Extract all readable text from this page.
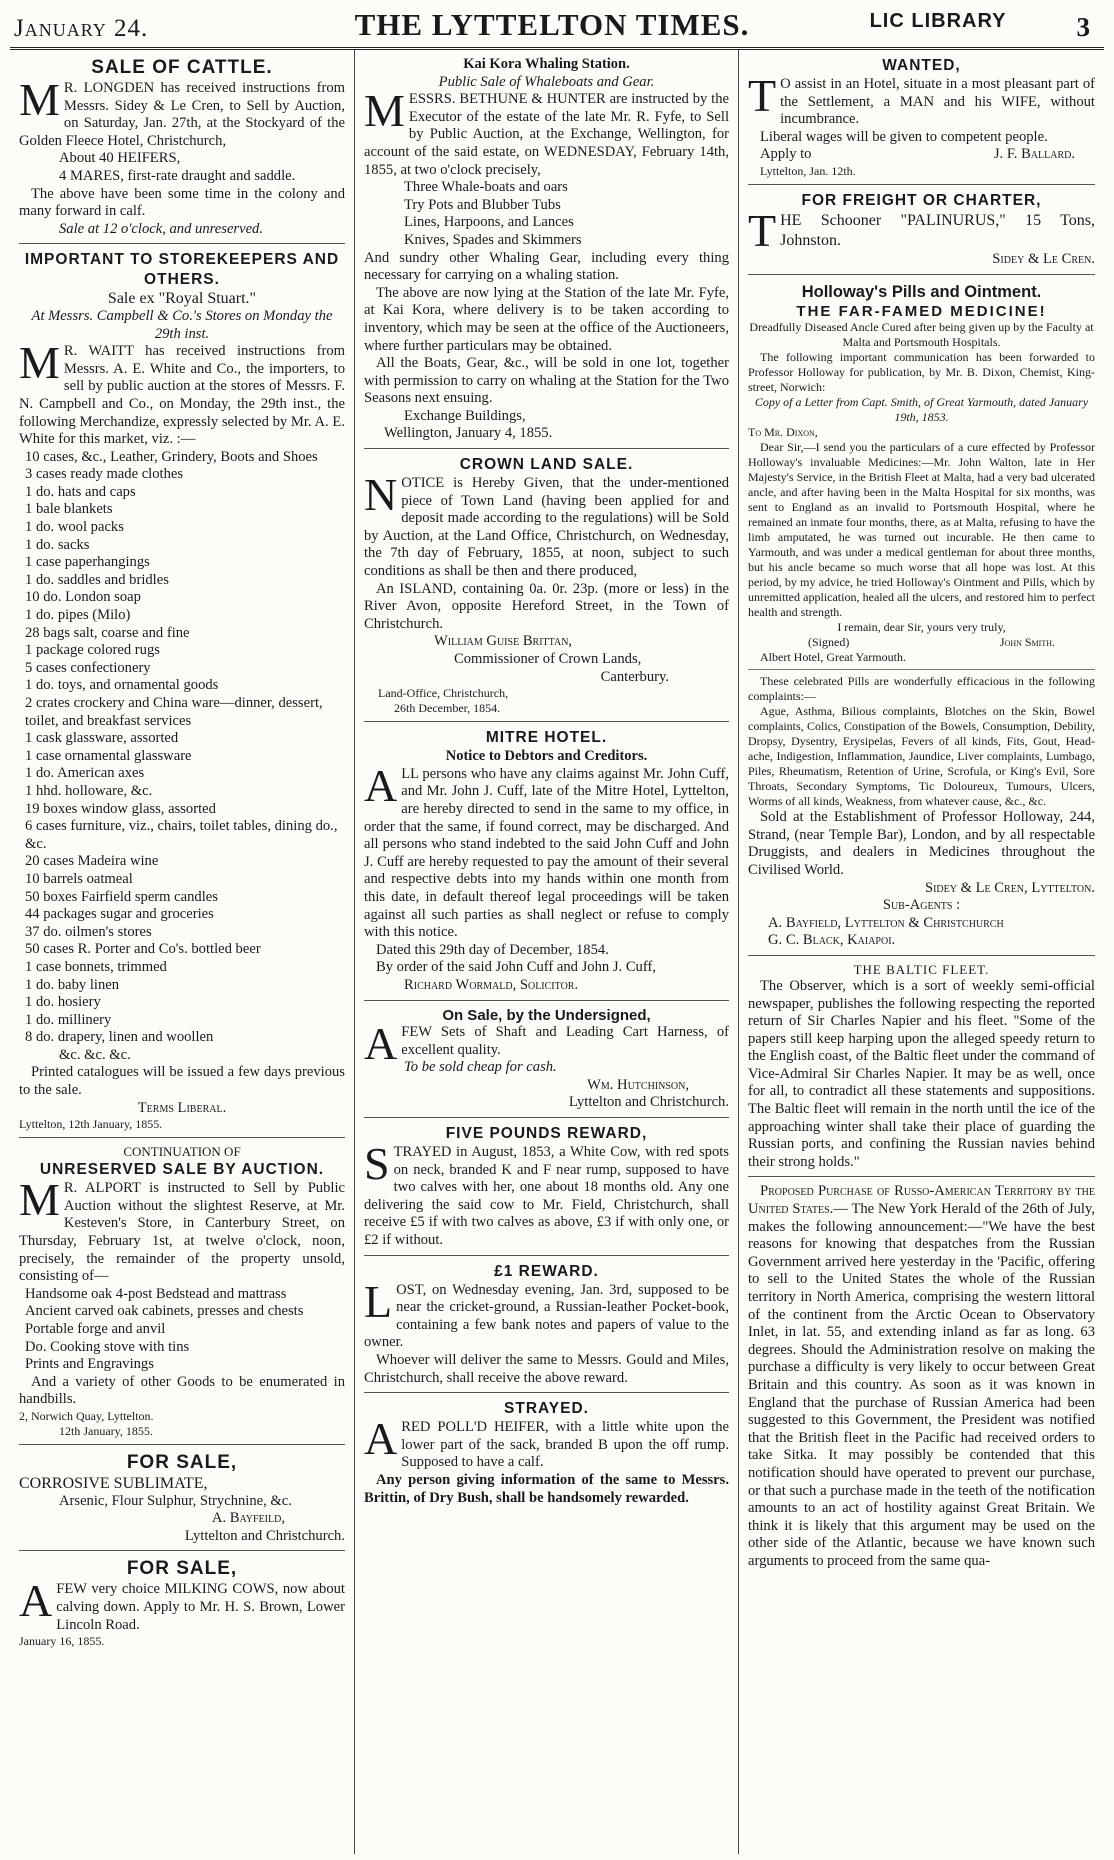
January 24.	THE LYTTELTON TIMES.	LIC LIBRARY	3
SALE OF CATTLE.

M R. LONGDEN has received instructions from Messrs. Sidey & Le Cren, to Sell by Auction, on Saturday, Jan. 27th, at the Stockyard of the Golden Fleece Hotel, Christchurch,

About 40 HEIFERS,
4 MARES, first-rate draught and saddle.

The above have been some time in the colony and many forward in calf.

Sale at 12 o'clock, and unreserved.
IMPORTANT TO STOREKEEPERS AND OTHERS.
Sale ex "Royal Stuart."
At Messrs. Campbell & Co.'s Stores on Monday the 29th inst.

M R. WAITT has received instructions from Messrs. A. E. White and Co., the importers, to sell by public auction at the stores of Messrs. F. N. Campbell and Co., on Monday, the 29th inst., the following Merchandize, expressly selected by Mr. A. E. White for this market, viz. :—

10 cases, &c., Leather, Grindery, Boots and Shoes
3 cases ready made clothes
1 do. hats and caps
1 bale blankets
1 do. wool packs
1 do. sacks
1 case paperhangings
1 do. saddles and bridles
10 do. London soap
1 do. pipes (Milo)
28 bags salt, coarse and fine
1 package colored rugs
5 cases confectionery
1 do. toys, and ornamental goods
2 crates crockery and China ware—dinner, dessert, toilet, and breakfast services
1 cask glassware, assorted
1 case ornamental glassware
1 do. American axes
1 hhd. holloware, &c.
19 boxes window glass, assorted
6 cases furniture, viz., chairs, toilet tables, dining do., &c.
20 cases Madeira wine
10 barrels oatmeal
50 boxes Fairfield sperm candles
44 packages sugar and groceries
37 do. oilmen's stores
50 cases R. Porter and Co's. bottled beer
1 case bonnets, trimmed
1 do. baby linen
1 do. hosiery
1 do. millinery
8 do. drapery, linen and woollen
&c. &c. &c.

Printed catalogues will be issued a few days previous to the sale.

Terms Liberal.
Lyttelton, 12th January, 1855.
CONTINUATION OF
UNRESERVED SALE BY AUCTION.

M R. ALPORT is instructed to Sell by Public Auction without the slightest Reserve, at Mr. Kesteven's Store, in Canterbury Street, on Thursday, February 1st, at twelve o'clock, noon, precisely, the remainder of the property unsold, consisting of—

Handsome oak 4-post Bedstead and mattrass
Ancient carved oak cabinets, presses and chests
Portable forge and anvil
Do. Cooking stove with tins
Prints and Engravings

And a variety of other Goods to be enumerated in handbills.

2, Norwich Quay, Lyttelton.
12th January, 1855.
FOR SALE,
CORROSIVE SUBLIMATE,
Arsenic, Flour Sulphur, Strychnine, &c.
A. Bayfeild,
Lyttelton and Christchurch.
FOR SALE,

AFEW very choice MILKING COWS, now about calving down. Apply to Mr. H. S. Brown, Lower Lincoln Road.

January 16, 1855.
Kai Kora Whaling Station.
Public Sale of Whaleboats and Gear.

MESSRS. BETHUNE & HUNTER are instructed by the Executor of the estate of the late Mr. R. Fyfe, to Sell by Public Auction, at the Exchange, Wellington, for account of the said estate, on WEDNESDAY, February 14th, 1855, at two o'clock precisely,

Three Whale-boats and oars
Try Pots and Blubber Tubs
Lines, Harpoons, and Lances
Knives, Spades and Skimmers

And sundry other Whaling Gear, including every thing necessary for carrying on a whaling station.

The above are now lying at the Station of the late Mr. Fyfe, at Kai Kora, where delivery is to be taken according to inventory, which may be seen at the office of the Auctioneers, where further particulars may be obtained.

All the Boats, Gear, &c., will be sold in one lot, together with permission to carry on whaling at the Station for the Two Seasons next ensuing.

Exchange Buildings,
Wellington, January 4, 1855.
CROWN LAND SALE.

NOTICE is Hereby Given, that the under-mentioned piece of Town Land (having been applied for and deposit made according to the regulations) will be Sold by Auction, at the Land Office, Christchurch, on Wednesday, the 7th day of February, 1855, at noon, subject to such conditions as shall be then and there produced,

An ISLAND, containing 0a. 0r. 23p. (more or less) in the River Avon, opposite Hereford Street, in the Town of Christchurch.

William Guise Brittan,
Commissioner of Crown Lands,
Canterbury.
Land-Office, Christchurch,
26th December, 1854.
MITRE HOTEL.
Notice to Debtors and Creditors.

ALL persons who have any claims against Mr. John Cuff, and Mr. John J. Cuff, late of the Mitre Hotel, Lyttelton, are hereby directed to send in the same to my office, in order that the same, if found correct, may be discharged. And all persons who stand indebted to the said John Cuff and John J. Cuff are hereby requested to pay the amount of their several and respective debts into my hands within one month from this date, in default thereof legal proceedings will be taken against all such parties as shall neglect or refuse to comply with this notice.

Dated this 29th day of December, 1854.

By order of the said John Cuff and John J. Cuff,

Richard Wormald, Solicitor.
On Sale, by the Undersigned,

AFEW Sets of Shaft and Leading Cart Harness, of excellent quality.

To be sold cheap for cash.
Wm. Hutchinson,
Lyttelton and Christchurch.
FIVE POUNDS REWARD,

STRAYED in August, 1853, a White Cow, with red spots on neck, branded K and F near rump, supposed to have two calves with her, one about 18 months old. Any one delivering the said cow to Mr. Field, Christchurch, shall receive £5 if with two calves as above, £3 if with only one, or £2 if without.

£1 REWARD.

LOST, on Wednesday evening, Jan. 3rd, supposed to be near the cricket-ground, a Russian-leather Pocket-book, containing a few bank notes and papers of value to the owner.

Whoever will deliver the same to Messrs. Gould and Miles, Christchurch, shall receive the above reward.

STRAYED.

ARED POLL'D HEIFER, with a little white upon the lower part of the sack, branded B upon the off rump. Supposed to have a calf.

Any person giving information of the same to Messrs. Brittin, of Dry Bush, shall be handsomely rewarded.

WANTED,

T O assist in an Hotel, situate in a most pleasant part of the Settlement, a MAN and his WIFE, without incumbrance.

Liberal wages will be given to competent people.

Apply to	J. F. Ballard.
Lyttelton, Jan. 12th.
FOR FREIGHT OR CHARTER,

THE Schooner "PALINURUS," 15 Tons, Johnston.

Sidey & Le Cren.
Holloway's Pills and Ointment.
THE FAR-FAMED MEDICINE!
Dreadfully Diseased Ancle Cured after being given up by the Faculty at Malta and Portsmouth Hospitals.

The following important communication has been forwarded to Professor Holloway for publication, by Mr. B. Dixon, Chemist, King-street, Norwich:

Copy of a Letter from Capt. Smith, of Great Yarmouth, dated January 19th, 1853.
To Mr. Dixon,

Dear Sir,—I send you the particulars of a cure effected by Professor Holloway's invaluable Medicines:—Mr. John Walton, late in Her Majesty's Service, in the British Fleet at Malta, had a very bad ulcerated ancle, and after having been in the Malta Hospital for six months, was sent to England as an invalid to Portsmouth Hospital, where he remained an inmate four months, there, as at Malta, refusing to have the limb amputated, he was turned out incurable. He then came to Yarmouth, and was under a medical gentleman for about three months, but his ancle became so much worse that all hope was lost. At this period, by my advice, he tried Holloway's Ointment and Pills, which by unremitted application, healed all the ulcers, and restored him to perfect health and strength.

I remain, dear Sir, yours very truly,
(Signed)	John Smith.
Albert Hotel, Great Yarmouth.

These celebrated Pills are wonderfully efficacious in the following complaints:—

Ague, Asthma, Bilious complaints, Blotches on the Skin, Bowel complaints, Colics, Constipation of the Bowels, Consumption, Debility, Dropsy, Dysentry, Erysipelas, Fevers of all kinds, Fits, Gout, Head-ache, Indigestion, Inflammation, Jaundice, Liver complaints, Lumbago, Piles, Rheumatism, Retention of Urine, Scrofula, or King's Evil, Sore Throats, Secondary Symptoms, Tic Doloureux, Tumours, Ulcers, Worms of all kinds, Weakness, from whatever cause, &c., &c.

Sold at the Establishment of Professor Holloway, 244, Strand, (near Temple Bar), London, and by all respectable Druggists, and dealers in Medicines throughout the Civilised World.

Sidey & Le Cren, Lyttelton.
Sub-Agents :
A. Bayfield, Lyttelton & Christchurch
G. C. Black, Kaiapoi.
THE BALTIC FLEET.

The Observer, which is a sort of weekly semi-official newspaper, publishes the following respecting the reported return of Sir Charles Napier and his fleet. "Some of the papers still keep harping upon the alleged speedy return to the English coast, of the Baltic fleet under the command of Vice-Admiral Sir Charles Napier. It may be as well, once for all, to contradict all these statements and suppositions. The Baltic fleet will remain in the north until the ice of the approaching winter shall take their place of guarding the Russian ports, and confining the Russian navies behind their strong holds."

Proposed Purchase of Russo-American Territory by the United States.— The New York Herald of the 26th of July, makes the following announcement:—"We have the best reasons for knowing that despatches from the Russian Government arrived here yesterday in the 'Pacific, offering to sell to the United States the whole of the Russian territory in North America, comprising the western littoral of the continent from the Arctic Ocean to Observatory Inlet, in lat. 55, and extending inland as far as long. 63 degrees. Should the Administration resolve on making the purchase a difficulty is very likely to occur between Great Britain and this country. As soon as it was known in England that the purchase of Russian America had been suggested to this Government, the President was notified that the British fleet in the Pacific had received orders to take Sitka. It may possibly be contended that this notification should have operated to prevent our purchase, or that such a purchase made in the teeth of the notification amounts to an act of hostility against Great Britain. We think it is likely that this argument may be used on the other side of the Atlantic, because we have known such arguments to proceed from the same qua-
